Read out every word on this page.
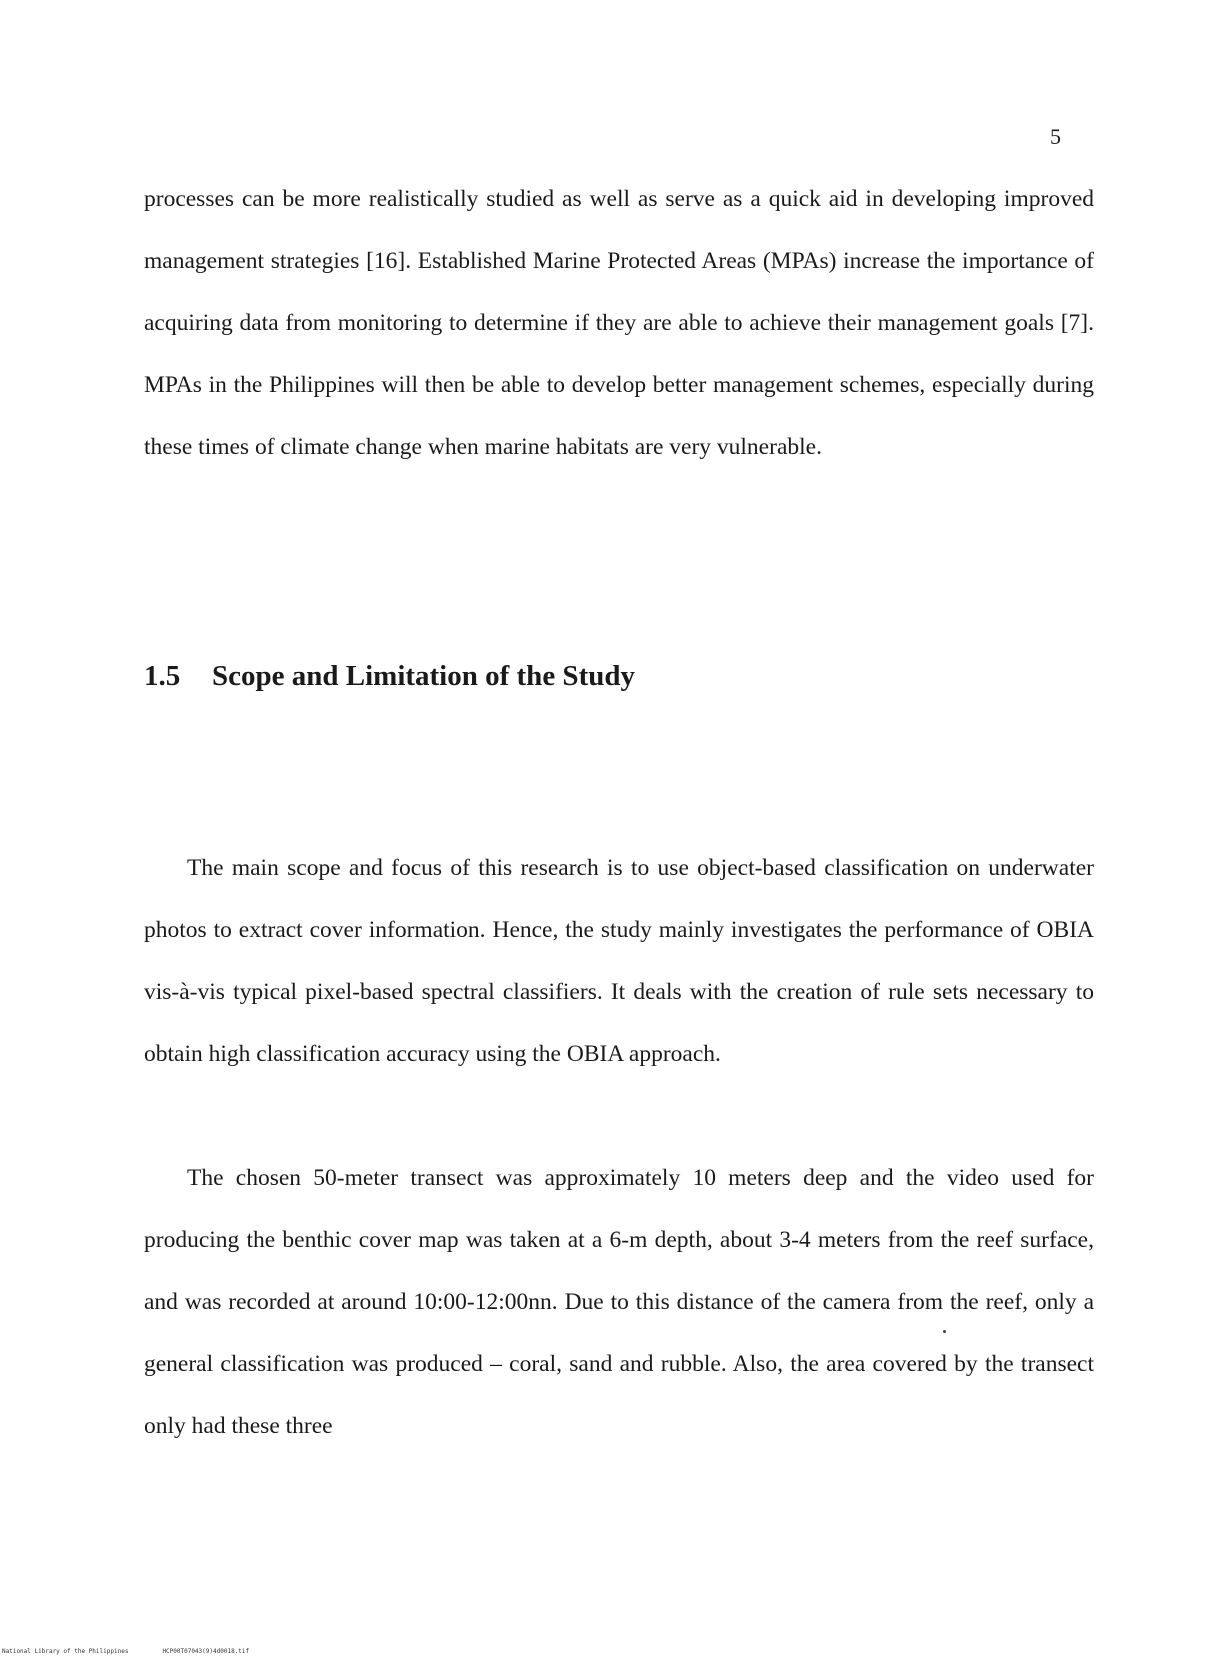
5

processes can be more realistically studied as well as serve as a quick aid in developing improved management strategies [16]. Established Marine Protected Areas (MPAs) increase the importance of acquiring data from monitoring to determine if they are able to achieve their management goals [7]. MPAs in the Philippines will then be able to develop better management schemes, especially during these times of climate change when marine habitats are very vulnerable.

1.5 Scope and Limitation of the Study

The main scope and focus of this research is to use object-based classification on underwater photos to extract cover information. Hence, the study mainly investigates the performance of OBIA vis-à-vis typical pixel-based spectral classifiers. It deals with the creation of rule sets necessary to obtain high classification accuracy using the OBIA approach.

The chosen 50-meter transect was approximately 10 meters deep and the video used for producing the benthic cover map was taken at a 6-m depth, about 3-4 meters from the reef surface, and was recorded at around 10:00-12:00nn. Due to this distance of the camera from the reef, only a general classification was produced – coral, sand and rubble. Also, the area covered by the transect only had these three

National Library of the Philippines	HCP00T07043(9)4d0018.tif
